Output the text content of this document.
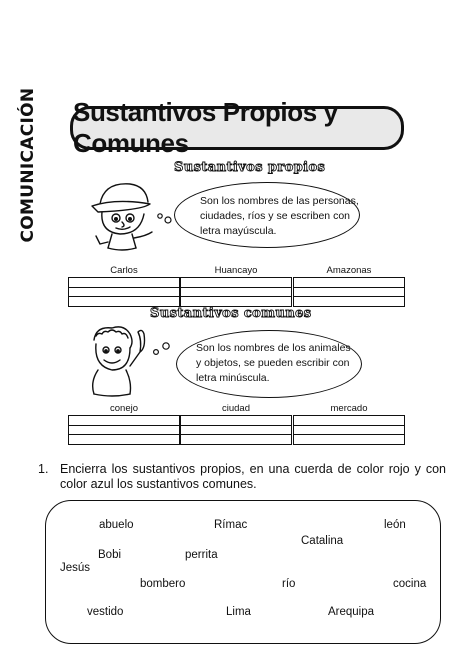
COMUNICACIÓN Sustantivos Propios y Comunes
Sustantivos propios
Son los nombres de las personas,
ciudades, ríos y se escriben con
letra mayúscula.
Carlos	Huancayo	Amazonas
Sustantivos comunes
Son los nombres de los animales
y objetos, se pueden escribir con
letra minúscula.
conejo	ciudad	mercado
1. Encierra los sustantivos propios, en una cuerda de color rojo y con color azul los sustantivos comunes.
abuelo	Rímac	león
Catalina
Bobi	perrita
Jesús
bombero	río	cocina
vestido	Lima	Arequipa
